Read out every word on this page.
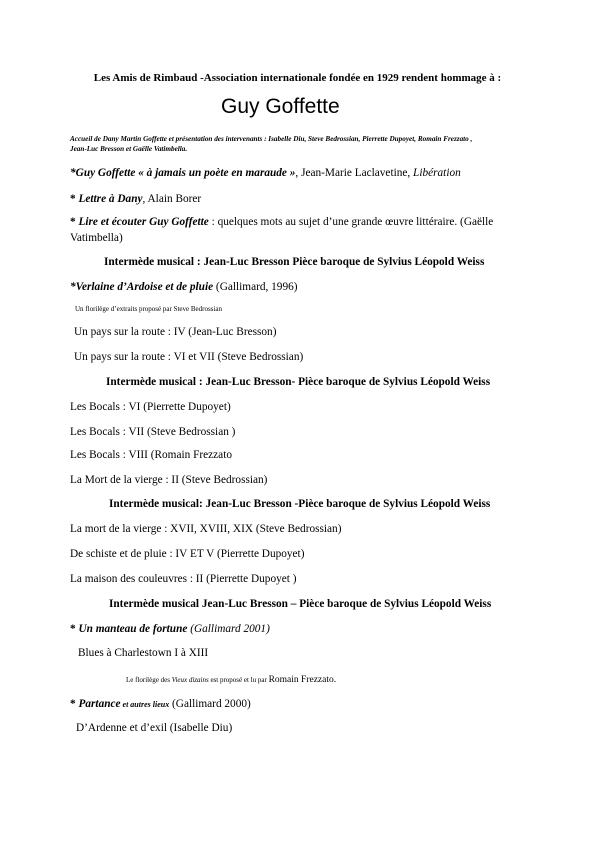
Les Amis de Rimbaud -Association internationale fondée en 1929 rendent hommage à :
Guy Goffette
Accueil de Dany Martin Goffette et présentation des intervenants : Isabelle Diu, Steve Bedrossian, Pierrette Dupoyet, Romain Frezzato ,
Jean-Luc Bresson et Gaëlle Vatimbella.
*Guy Goffette « à jamais un poète en maraude », Jean-Marie Laclavetine, Libération
* Lettre à Dany, Alain Borer
* Lire et écouter Guy Goffette : quelques mots au sujet d’une grande œuvre littéraire. (Gaëlle
Vatimbella)
Intermède musical : Jean-Luc Bresson Pièce baroque de Sylvius Léopold Weiss
*Verlaine d’Ardoise et de pluie (Gallimard, 1996)
Un florilège d’extraits proposé par Steve Bedrossian
Un pays sur la route : IV (Jean-Luc Bresson)
Un pays sur la route : VI et VII (Steve Bedrossian)
Intermède musical : Jean-Luc Bresson- Pièce baroque de Sylvius Léopold Weiss
Les Bocals : VI (Pierrette Dupoyet)
Les Bocals : VII (Steve Bedrossian )
Les Bocals : VIII (Romain Frezzato
La Mort de la vierge : II (Steve Bedrossian)
Intermède musical: Jean-Luc Bresson -Pièce baroque de Sylvius Léopold Weiss
La mort de la vierge : XVII, XVIII, XIX (Steve Bedrossian)
De schiste et de pluie : IV ET V (Pierrette Dupoyet)
La maison des couleuvres : II (Pierrette Dupoyet )
Intermède musical Jean-Luc Bresson – Pièce baroque de Sylvius Léopold Weiss
* Un manteau de fortune (Gallimard 2001)
Blues à Charlestown I à XIII
Le florilège des Vieux dizains est proposé et lu par Romain Frezzato.
* Partance et autres lieux (Gallimard 2000)
D’Ardenne et d’exil (Isabelle Diu)
